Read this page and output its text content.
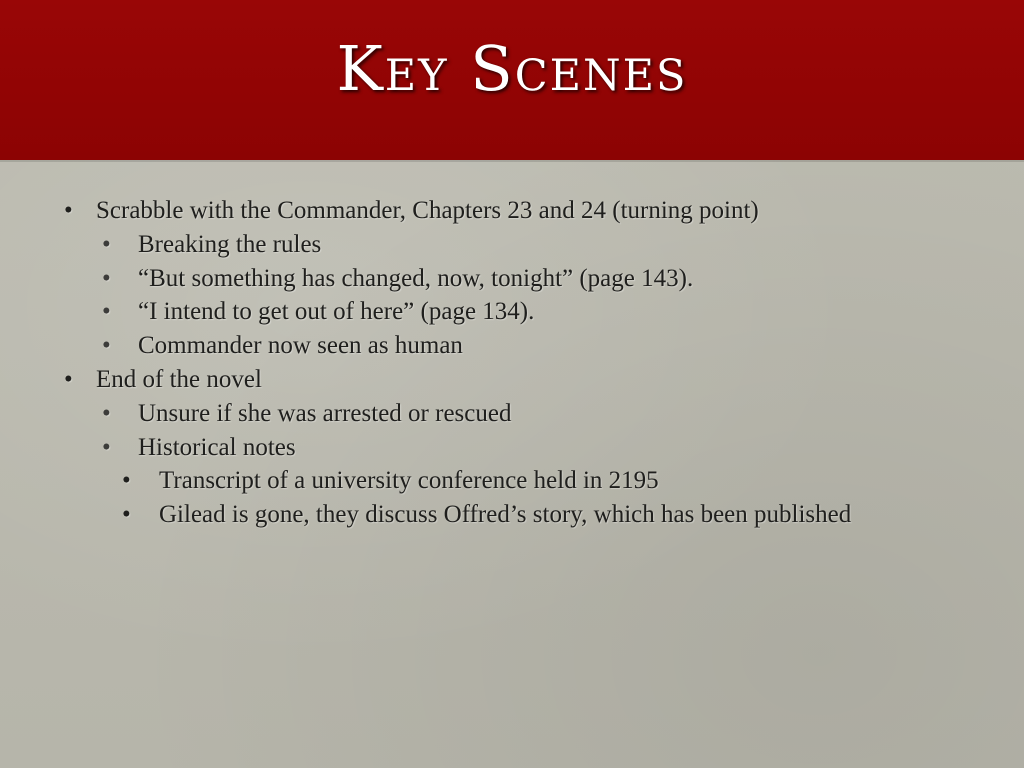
Key Scenes
• Scrabble with the Commander, Chapters 23 and 24 (turning point)
• Breaking the rules
• “But something has changed, now, tonight” (page 143).
• “I intend to get out of here” (page 134).
• Commander now seen as human
• End of the novel
• Unsure if she was arrested or rescued
• Historical notes
• Transcript of a university conference held in 2195
• Gilead is gone, they discuss Offred’s story, which has been published
